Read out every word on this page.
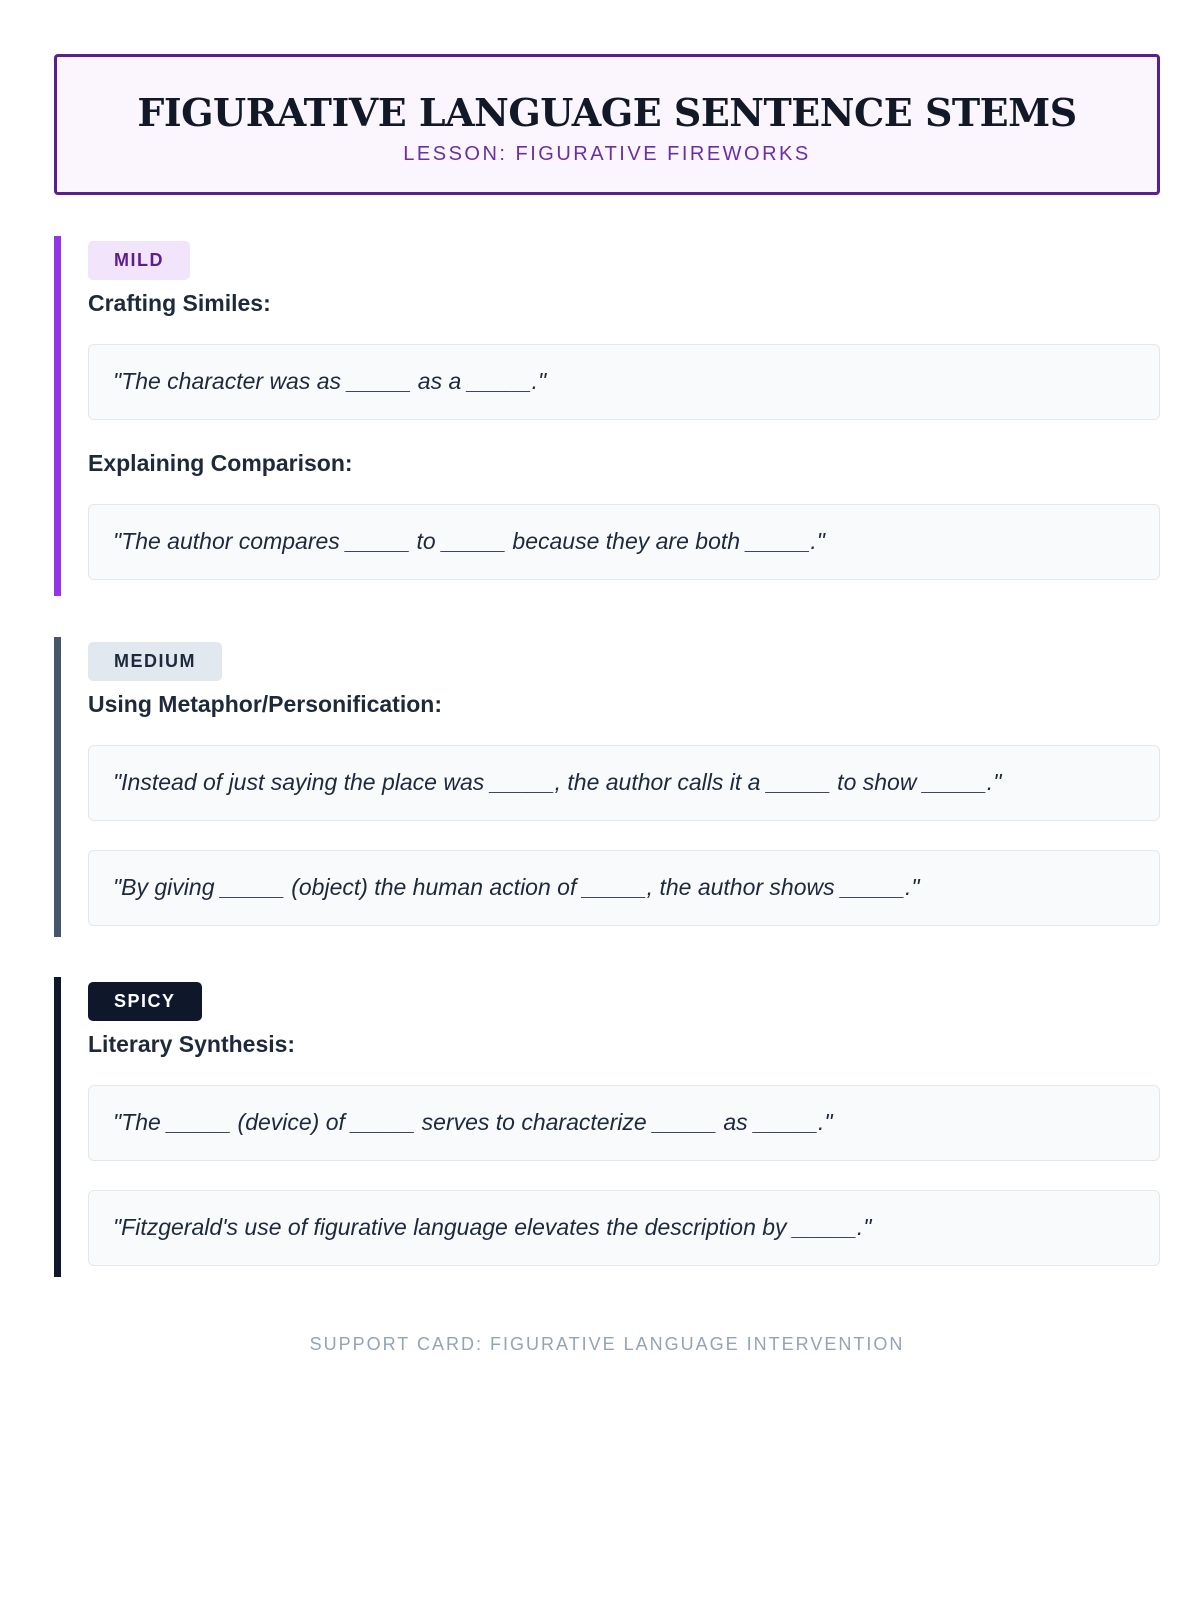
FIGURATIVE LANGUAGE SENTENCE STEMS
LESSON: FIGURATIVE FIREWORKS
MILD
Crafting Similes:
"The character was as _____ as a _____."
Explaining Comparison:
"The author compares _____ to _____ because they are both _____."
MEDIUM
Using Metaphor/Personification:
"Instead of just saying the place was _____, the author calls it a _____ to show _____."
"By giving _____ (object) the human action of _____, the author shows _____."
SPICY
Literary Synthesis:
"The _____ (device) of _____ serves to characterize _____ as _____."
"Fitzgerald's use of figurative language elevates the description by _____."
SUPPORT CARD: FIGURATIVE LANGUAGE INTERVENTION
